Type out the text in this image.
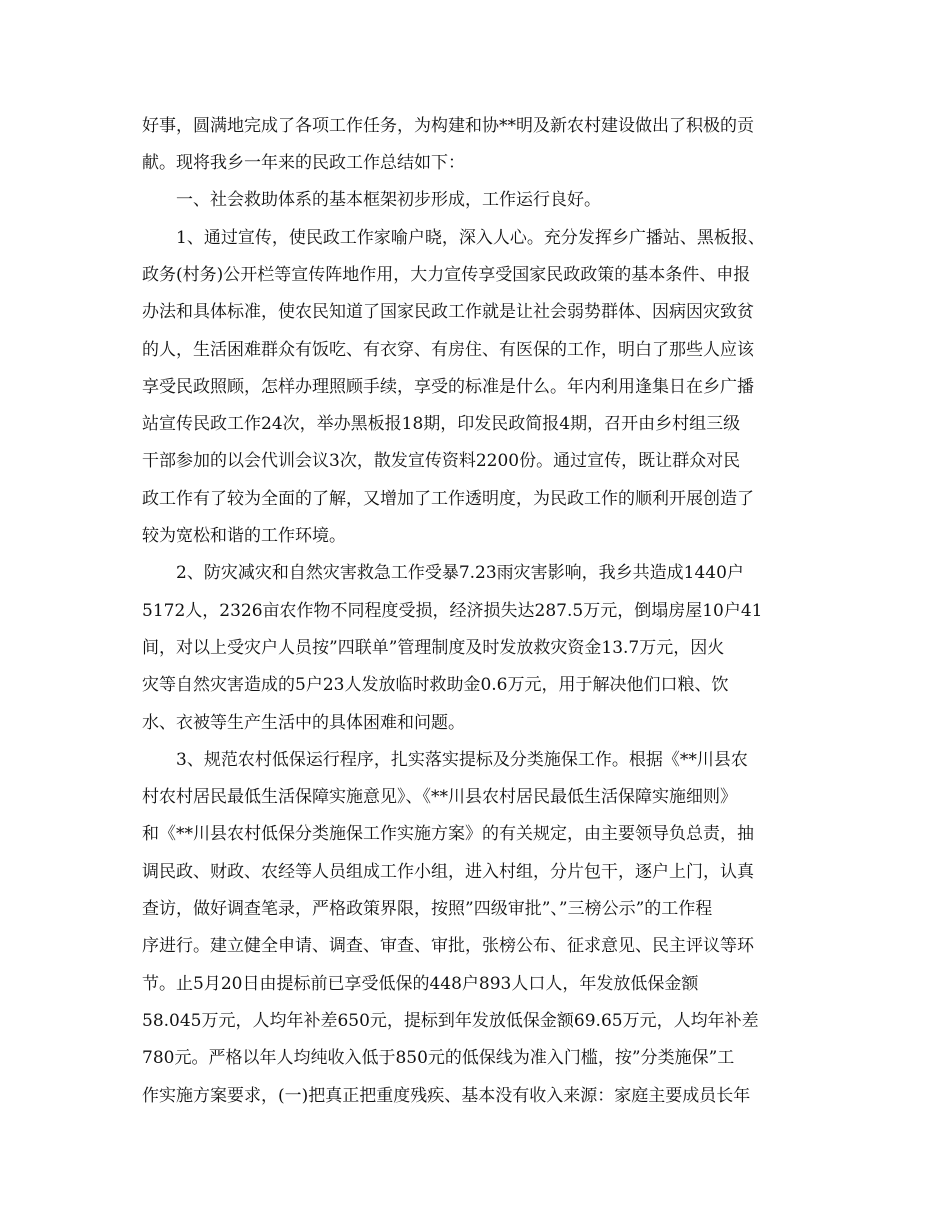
好事，圆满地完成了各项工作任务，为构建和协**明及新农村建设做出了积极的贡
献。现将我乡一年来的民政工作总结如下：
一、社会救助体系的基本框架初步形成，工作运行良好。
1、通过宣传，使民政工作家喻户晓，深入人心。充分发挥乡广播站、黑板报、
政务(村务)公开栏等宣传阵地作用，大力宣传享受国家民政政策的基本条件、申报
办法和具体标准，使农民知道了国家民政工作就是让社会弱势群体、因病因灾致贫
的人，生活困难群众有饭吃、有衣穿、有房住、有医保的工作，明白了那些人应该
享受民政照顾，怎样办理照顾手续，享受的标准是什么。年内利用逢集日在乡广播
站宣传民政工作24次，举办黑板报18期，印发民政简报4期，召开由乡村组三级
干部参加的以会代训会议3次，散发宣传资料2200份。通过宣传，既让群众对民
政工作有了较为全面的了解，又增加了工作透明度，为民政工作的顺利开展创造了
较为宽松和谐的工作环境。
2、防灾减灾和自然灾害救急工作受暴7.23雨灾害影响，我乡共造成1440户
5172人，2326亩农作物不同程度受损，经济损失达287.5万元，倒塌房屋10户41
间，对以上受灾户人员按”四联单”管理制度及时发放救灾资金13.7万元，因火
灾等自然灾害造成的5户23人发放临时救助金0.6万元，用于解决他们口粮、饮
水、衣被等生产生活中的具体困难和问题。
3、规范农村低保运行程序，扎实落实提标及分类施保工作。根据《**川县农
村农村居民最低生活保障实施意见》、《**川县农村居民最低生活保障实施细则》
和《**川县农村低保分类施保工作实施方案》的有关规定，由主要领导负总责，抽
调民政、财政、农经等人员组成工作小组，进入村组，分片包干，逐户上门，认真
查访，做好调查笔录，严格政策界限，按照”四级审批”、”三榜公示”的工作程
序进行。建立健全申请、调查、审查、审批，张榜公布、征求意见、民主评议等环
节。止5月20日由提标前已享受低保的448户893人口人，年发放低保金额
58.045万元，人均年补差650元，提标到年发放低保金额69.65万元，人均年补差
780元。严格以年人均纯收入低于850元的低保线为准入门槛，按”分类施保”工
作实施方案要求，(一)把真正把重度残疾、基本没有收入来源：家庭主要成员长年
